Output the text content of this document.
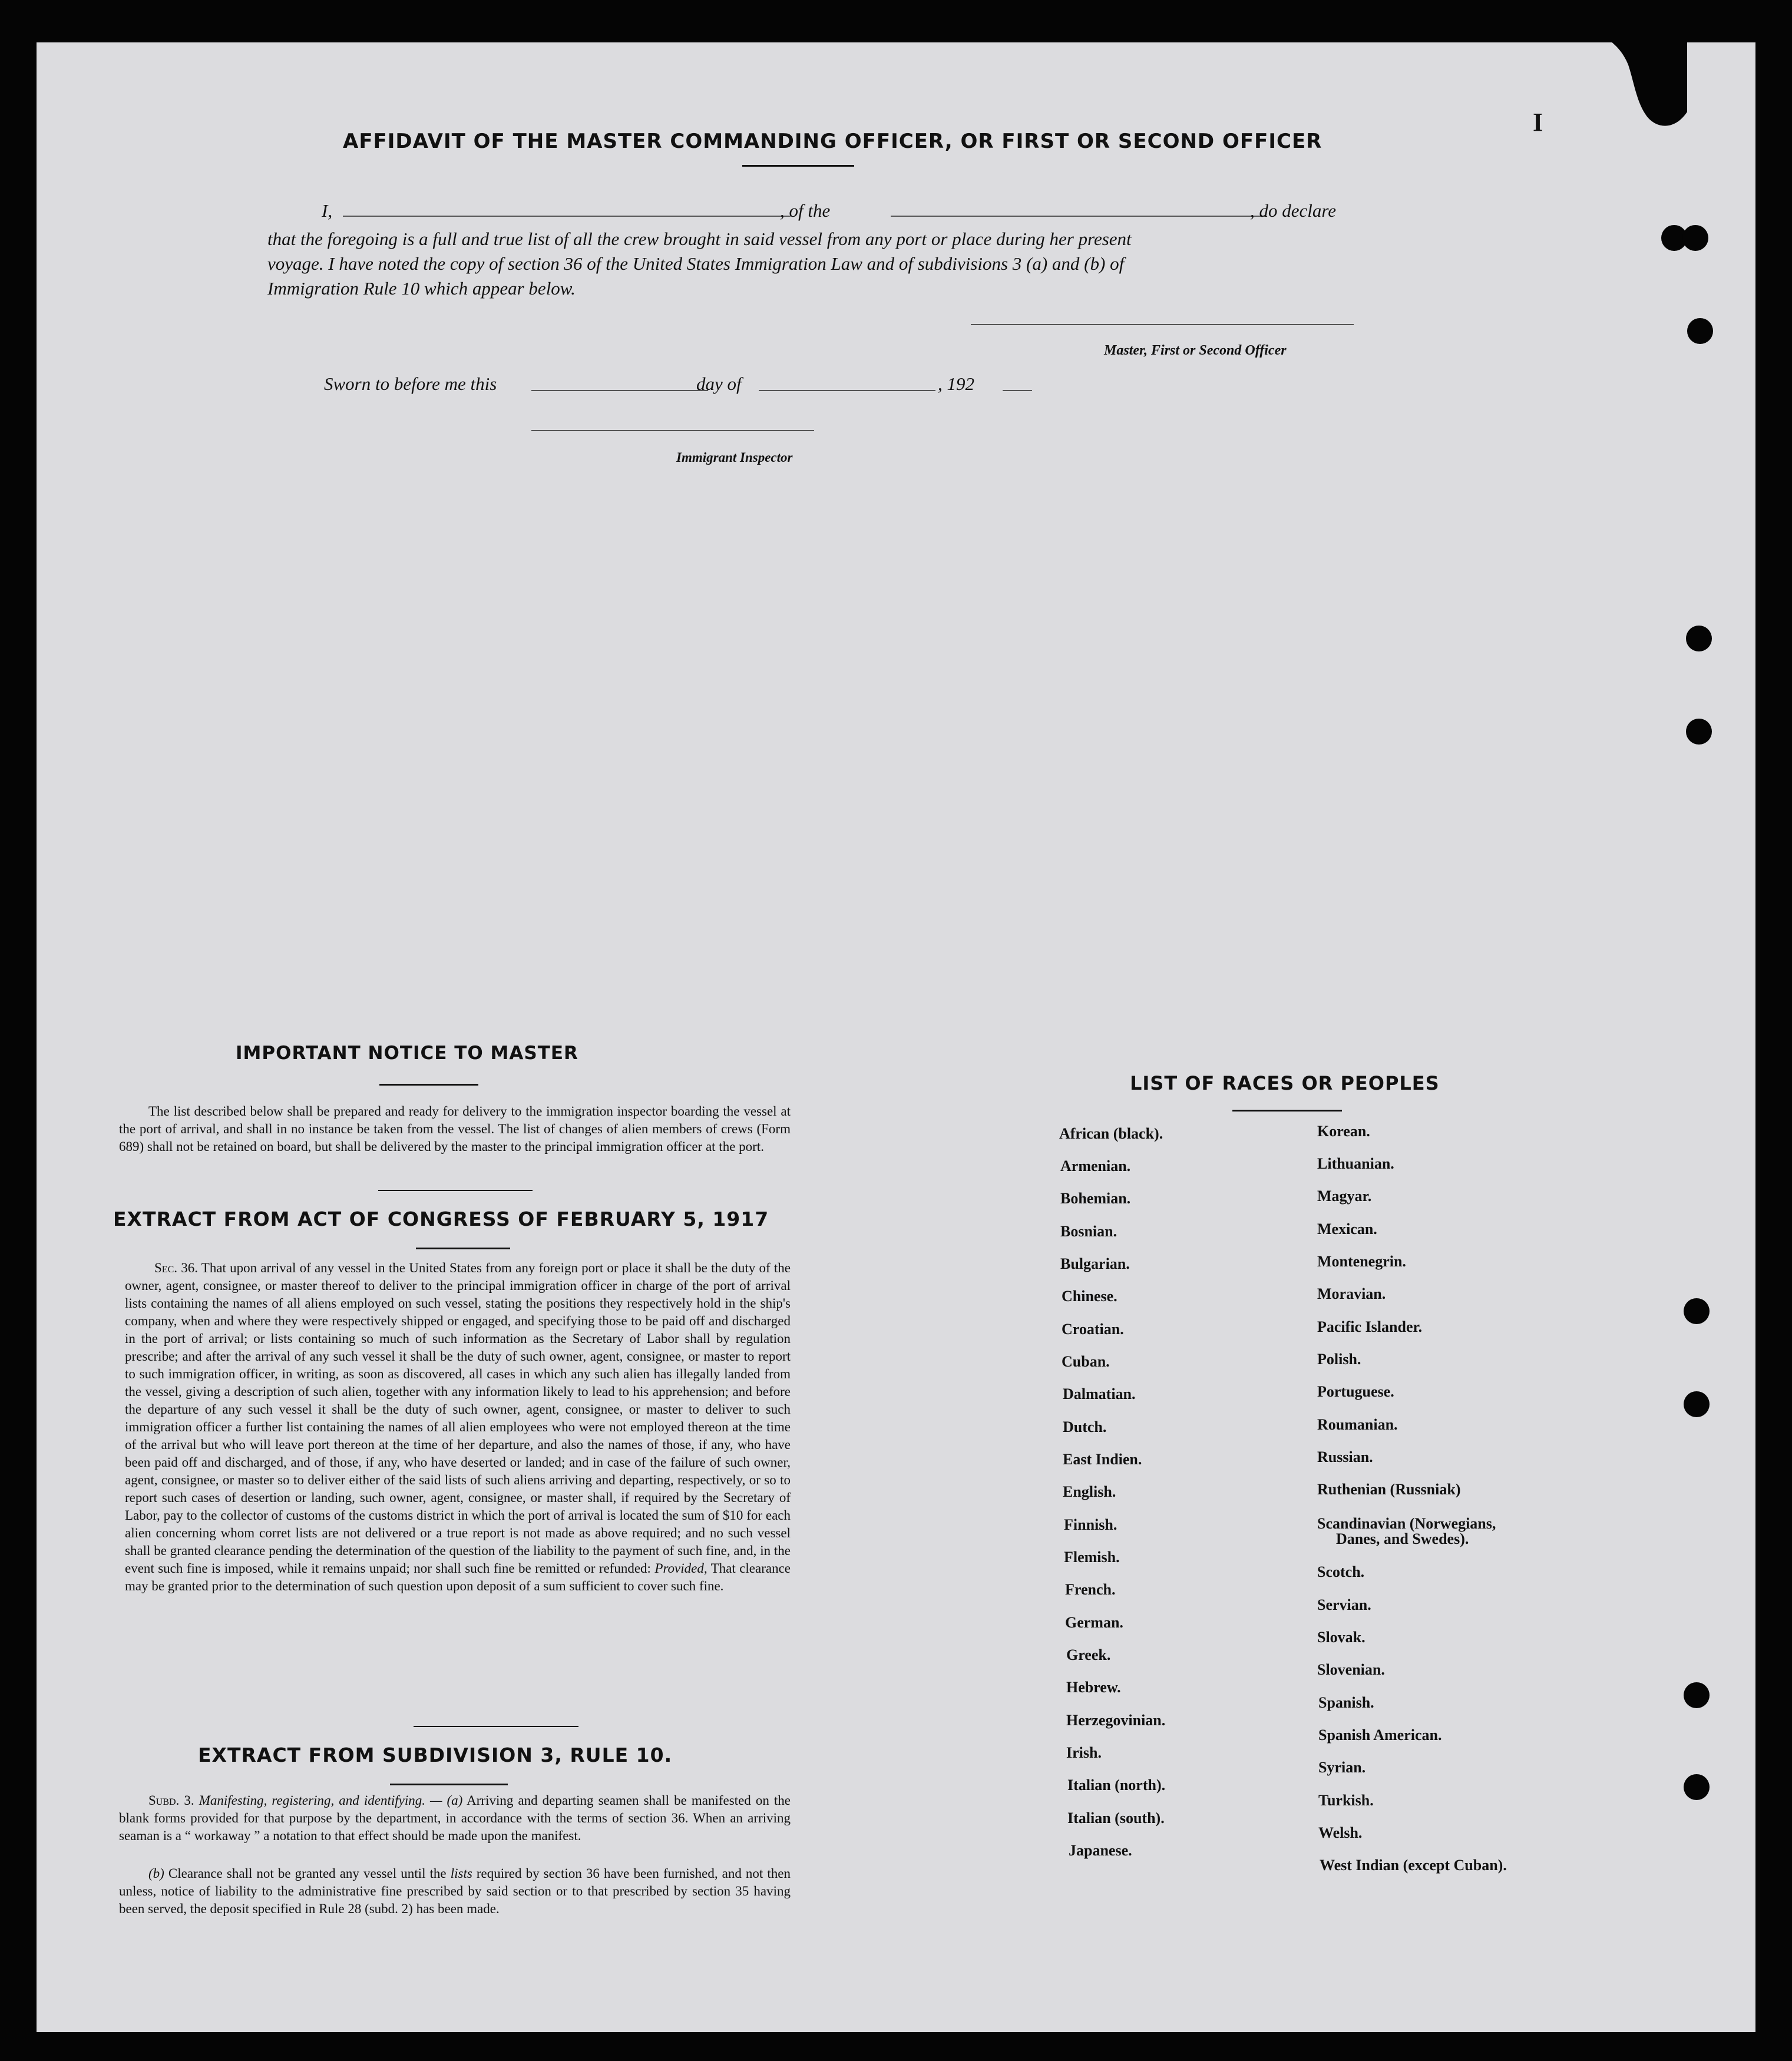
I
AFFIDAVIT OF THE MASTER COMMANDING OFFICER, OR FIRST OR SECOND OFFICER
I,	, of the	, do declare
that the foregoing is a full and true list of all the crew brought in said vessel from any port or place during her present
voyage. I have noted the copy of section 36 of the United States Immigration Law and of subdivisions 3 (a) and (b) of
Immigration Rule 10 which appear below.
Master, First or Second Officer
Sworn to before me this	day of	, 192
Immigrant Inspector
IMPORTANT NOTICE TO MASTER
The list described below shall be prepared and ready for delivery to the immigration inspector boarding the vessel at the port of arrival, and shall in no instance be taken from the vessel. The list of changes of alien members of crews (Form 689) shall not be retained on board, but shall be delivered by the master to the principal immigration officer at the port.
EXTRACT FROM ACT OF CONGRESS OF FEBRUARY 5, 1917
Sec. 36. That upon arrival of any vessel in the United States from any foreign port or place it shall be the duty of the owner, agent, consignee, or master thereof to deliver to the principal immigration officer in charge of the port of arrival lists containing the names of all aliens employed on such vessel, stating the positions they respectively hold in the ship's company, when and where they were respectively shipped or engaged, and specifying those to be paid off and discharged in the port of arrival; or lists containing so much of such information as the Secretary of Labor shall by regulation prescribe; and after the arrival of any such vessel it shall be the duty of such owner, agent, consignee, or master to report to such immigration officer, in writing, as soon as discovered, all cases in which any such alien has illegally landed from the vessel, giving a description of such alien, together with any information likely to lead to his apprehension; and before the departure of any such vessel it shall be the duty of such owner, agent, consignee, or master to deliver to such immigration officer a further list containing the names of all alien employees who were not employed thereon at the time of the arrival but who will leave port thereon at the time of her departure, and also the names of those, if any, who have been paid off and discharged, and of those, if any, who have deserted or landed; and in case of the failure of such owner, agent, consignee, or master so to deliver either of the said lists of such aliens arriving and departing, respectively, or so to report such cases of desertion or landing, such owner, agent, consignee, or master shall, if required by the Secretary of Labor, pay to the collector of customs of the customs district in which the port of arrival is located the sum of $10 for each alien concerning whom corret lists are not delivered or a true report is not made as above required; and no such vessel shall be granted clearance pending the determination of the question of the liability to the payment of such fine, and, in the event such fine is imposed, while it remains unpaid; nor shall such fine be remitted or refunded: Provided, That clearance may be granted prior to the determination of such question upon deposit of a sum sufficient to cover such fine.
EXTRACT FROM SUBDIVISION 3, RULE 10.
Subd. 3. Manifesting, registering, and identifying. — (a) Arriving and departing seamen shall be manifested on the blank forms provided for that purpose by the department, in accordance with the terms of section 36. When an arriving seaman is a “ workaway ” a notation to that effect should be made upon the manifest.
(b) Clearance shall not be granted any vessel until the lists required by section 36 have been furnished, and not then unless, notice of liability to the administrative fine prescribed by said section or to that prescribed by section 35 having been served, the deposit specified in Rule 28 (subd. 2) has been made.
LIST OF RACES OR PEOPLES
African (black).
Armenian.
Bohemian.
Bosnian.
Bulgarian.
Chinese.
Croatian.
Cuban.
Dalmatian.
Dutch.
East Indien.
English.
Finnish.
Flemish.
French.
German.
Greek.
Hebrew.
Herzegovinian.
Irish.
Italian (north).
Italian (south).
Japanese.
Korean.
Lithuanian.
Magyar.
Mexican.
Montenegrin.
Moravian.
Pacific Islander.
Polish.
Portuguese.
Roumanian.
Russian.
Ruthenian (Russniak)
Scandinavian (Norwegians,
Danes, and Swedes).
Scotch.
Servian.
Slovak.
Slovenian.
Spanish.
Spanish American.
Syrian.
Turkish.
Welsh.
West Indian (except Cuban).
